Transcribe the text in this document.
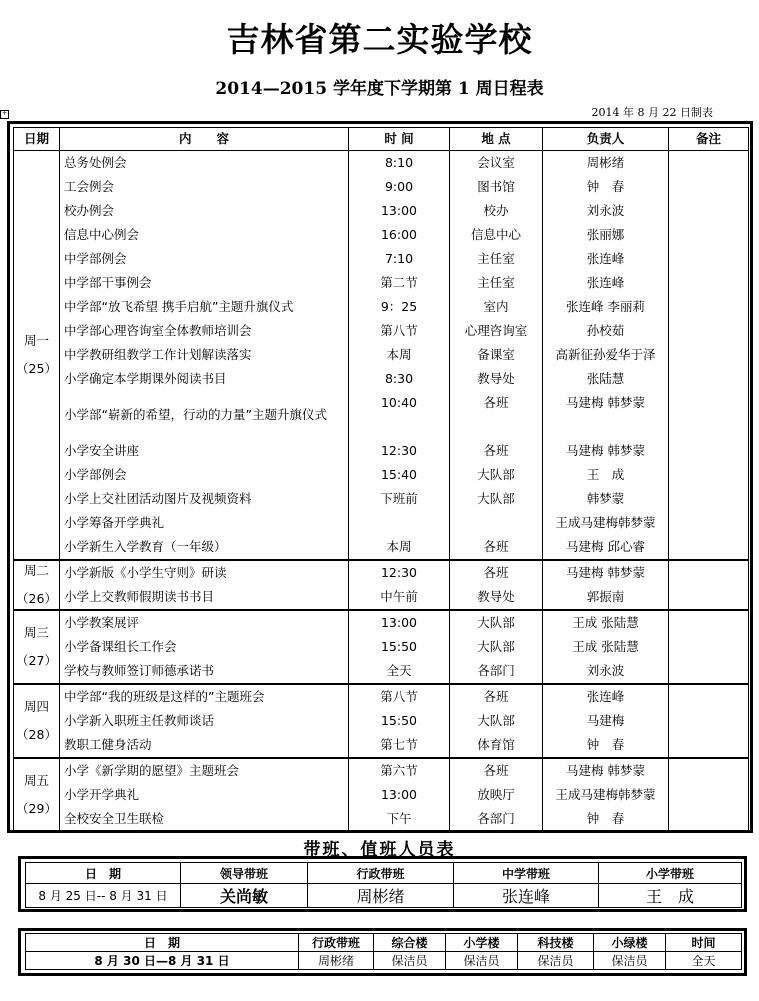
吉林省第二实验学校
2014—2015 学年度下学期第 1 周日程表
+	2014 年 8 月 22 日制表
日期	内　　容	时 间	地 点	负责人	备注

周一
（25）	总务处例会	8:10	会议室	周彬绪	
	工会例会	9:00	图书馆	钟　春	
	校办例会	13:00	校办	刘永波	
	信息中心例会	16:00	信息中心	张丽娜	
	中学部例会	7:10	主任室	张连峰	
	中学部干事例会	第二节	主任室	张连峰	
	中学部“放飞希望 携手启航”主题升旗仪式	9：25	室内	张连峰 李丽莉	
	中学部心理咨询室全体教师培训会	第八节	心理咨询室	孙校茹	
	中学教研组教学工作计划解读落实	本周	备课室	高新征孙爱华于泽	
	小学确定本学期课外阅读书目	8:30	教导处	张陆慧	
	小学部“崭新的希望，行动的力量”主题升旗仪式	10:40	各班	马建梅 韩梦蒙	
	小学安全讲座	12:30	各班	马建梅 韩梦蒙	
	小学部例会	15:40	大队部	王　成	
	小学上交社团活动图片及视频资料	下班前	大队部	韩梦蒙	
	小学筹备开学典礼			王成马建梅韩梦蒙	
	小学新生入学教育（一年级）	本周	各班	马建梅 邱心睿	

周二
（26）	小学新版《小学生守则》研读	12:30	各班	马建梅 韩梦蒙	
	小学上交教师假期读书书目	中午前	教导处	郭振南	

周三
（27）	小学教案展评	13:00	大队部	王成 张陆慧	
	小学备课组长工作会	15:50	大队部	王成 张陆慧	
	学校与教师签订师德承诺书	全天	各部门	刘永波	

周四
（28）	中学部“我的班级是这样的”主题班会	第八节	各班	张连峰	
	小学新入职班主任教师谈话	15:50	大队部	马建梅	
	教职工健身活动	第七节	体育馆	钟　春	

周五
（29）	小学《新学期的愿望》主题班会	第六节	各班	马建梅 韩梦蒙	
	小学开学典礼	13:00	放映厅	王成马建梅韩梦蒙	
	全校安全卫生联检	下午	各部门	钟　春	
带班、值班人员表
日　期	领导带班	行政带班	中学带班	小学带班
8 月 25 日-- 8 月 31 日	关尚敏	周彬绪	张连峰	王　成
日　期	行政带班	综合楼	小学楼	科技楼	小绿楼	时间
8 月 30 日—8 月 31 日	周彬绪	保洁员	保洁员	保洁员	保洁员	全天
